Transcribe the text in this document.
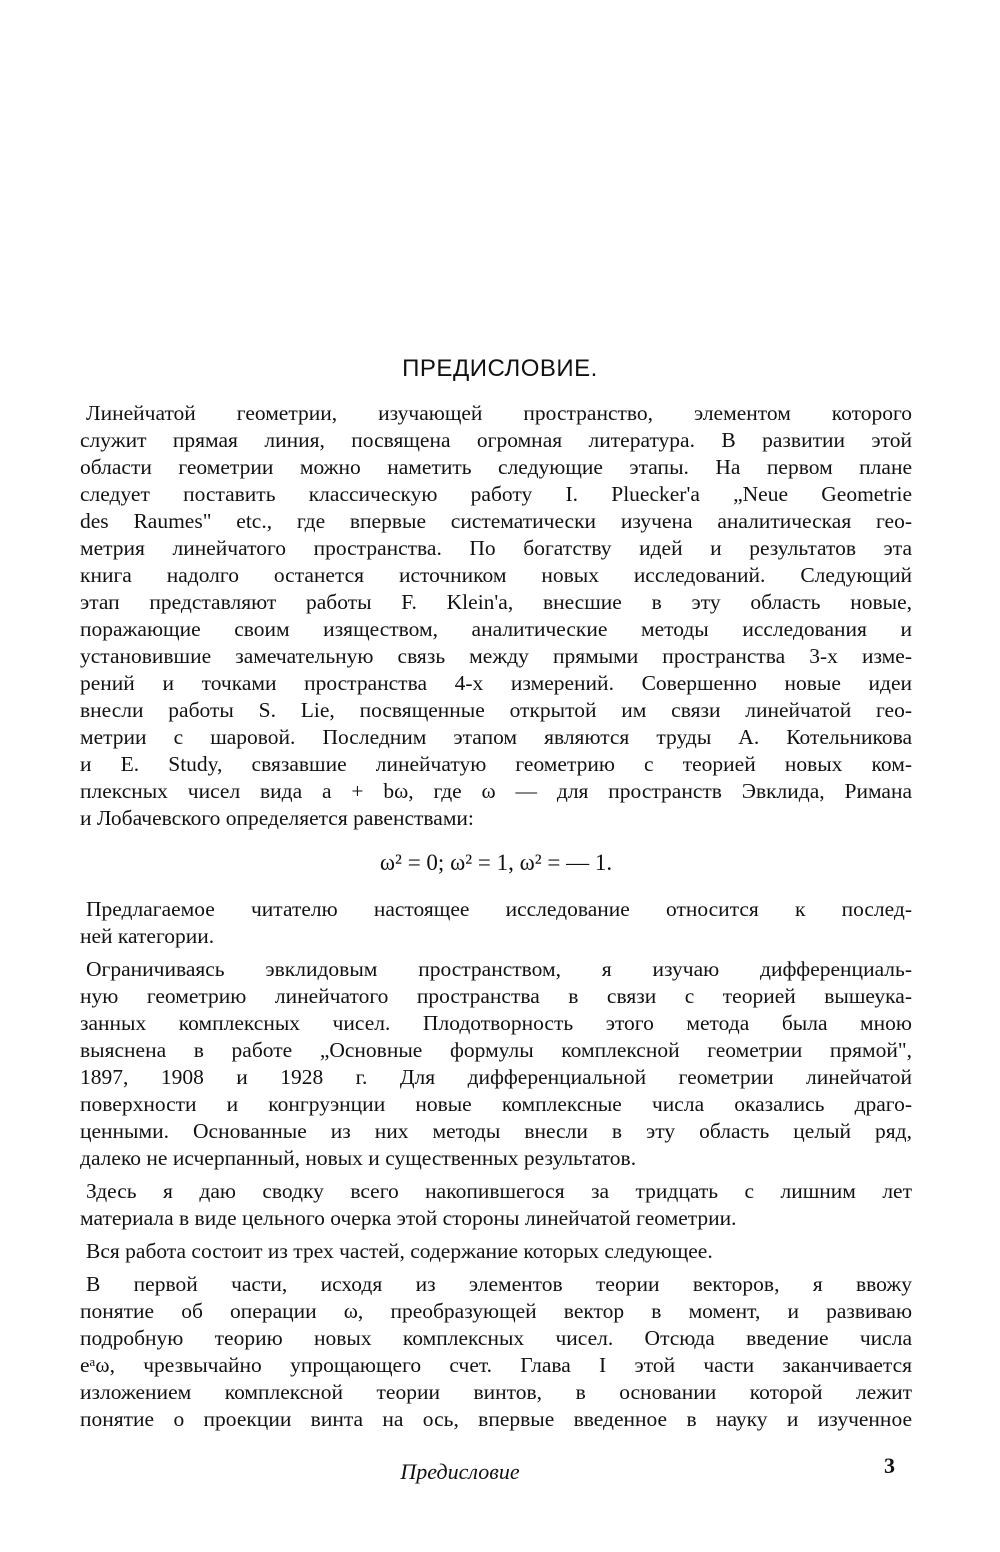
ПРЕДИСЛОВИЕ.
Линейчатой геометрии, изучающей пространство, элементом которого
служит прямая линия, посвящена огромная литература. В развитии этой
области геометрии можно наметить следующие этапы. На первом плане
следует поставить классическую работу I. Pluecker'a „Neue Geometrie
des Raumes" etc., где впервые систематически изучена аналитическая гео-
метрия линейчатого пространства. По богатству идей и результатов эта
книга надолго останется источником новых исследований. Следующий
этап представляют работы F. Klein'a, внесшие в эту область новые,
поражающие своим изяществом, аналитические методы исследования и
установившие замечательную связь между прямыми пространства 3-х изме-
рений и точками пространства 4-х измерений. Совершенно новые идеи
внесли работы S. Lie, посвященные открытой им связи линейчатой гео-
метрии с шаровой. Последним этапом являются труды А. Котельникова
и E. Study, связавшие линейчатую геометрию с теорией новых ком-
плексных чисел вида a + bω, где ω — для пространств Эвклида, Римана
и Лобачевского определяется равенствами:
ω² = 0; ω² = 1, ω² = — 1.
Предлагаемое читателю настоящее исследование относится к послед-
ней категории.
Ограничиваясь эвклидовым пространством, я изучаю дифференциаль-
ную геометрию линейчатого пространства в связи с теорией вышеука-
занных комплексных чисел. Плодотворность этого метода была мною
выяснена в работе „Основные формулы комплексной геометрии прямой",
1897, 1908 и 1928 г. Для дифференциальной геометрии линейчатой
поверхности и конгруэнции новые комплексные числа оказались драго-
ценными. Основанные из них методы внесли в эту область целый ряд,
далеко не исчерпанный, новых и существенных результатов.
Здесь я даю сводку всего накопившегося за тридцать с лишним лет
материала в виде цельного очерка этой стороны линейчатой геометрии.
Вся работа состоит из трех частей, содержание которых следующее.
В первой части, исходя из элементов теории векторов, я ввожу
понятие об операции ω, преобразующей вектор в момент, и развиваю
подробную теорию новых комплексных чисел. Отсюда введение числа
eᵃω, чрезвычайно упрощающего счет. Глава I этой части заканчивается
изложением комплексной теории винтов, в основании которой лежит
понятие о проекции винта на ось, впервые введенное в науку и изученное
Предисловие	3
